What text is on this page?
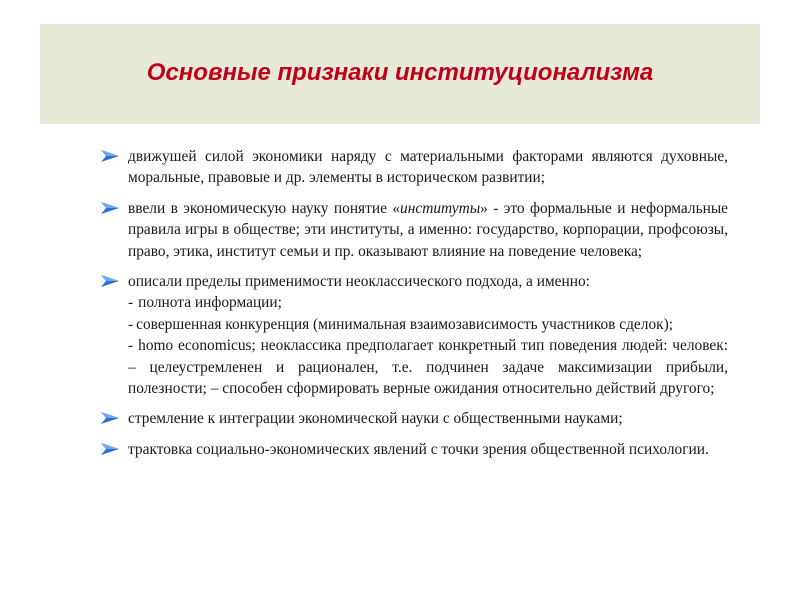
Основные признаки институционализма
движушей силой экономики наряду с материальными факторами являются духовные, моральные, правовые и др. элементы в историческом развитии;
ввели в экономическую науку понятие «институты» - это формальные и неформальные правила игры в обществе; эти институты, а именно: государство, корпорации, профсоюзы, право, этика, институт семьи и пр. оказывают влияние на поведение человека;
описали пределы применимости неоклассического подхода, а именно:
- полнота информации;
- совершенная конкуренция (минимальная взаимозависимость участников сделок);
- homo economicus; неоклассика предполагает конкретный тип поведения людей: человек: – целеустремленен и рационален, т.е. подчинен задаче максимизации прибыли, полезности; – способен сформировать верные ожидания относительно действий другого;
стремление к интеграции экономической науки с общественными науками;
трактовка социально-экономических явлений с точки зрения общественной психологии.
